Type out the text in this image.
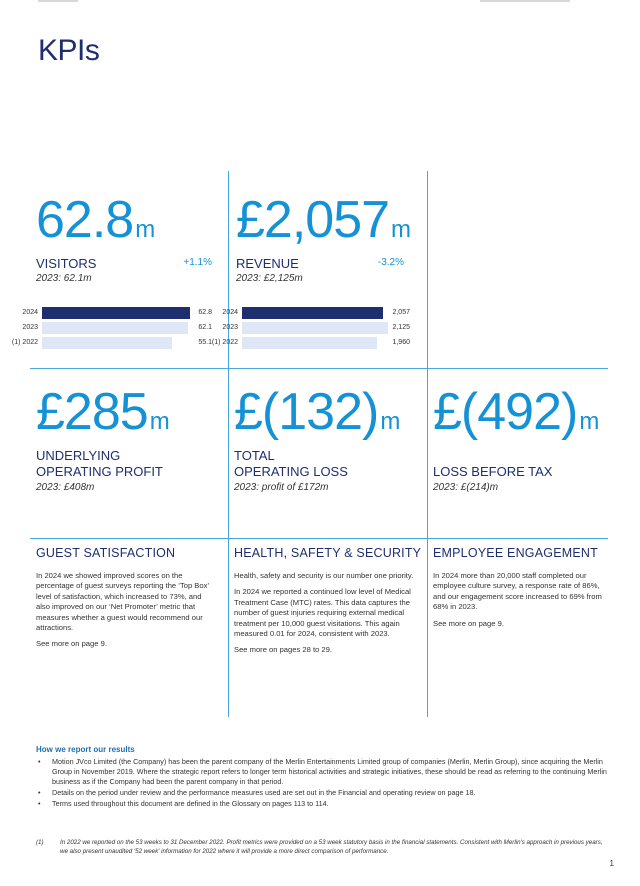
KPIs
62.8m
VISITORS	+1.1%
2023: 62.1m
2024	62.8
2023	62.1
(1) 2022	55.1
£2,057m
REVENUE	-3.2%
2023: £2,125m
2024	2,057
2023	2,125
(1) 2022	1,960
£285m
UNDERLYING
OPERATING PROFIT
2023: £408m
£(132)m
TOTAL
OPERATING LOSS
2023: profit of £172m
£(492)m
LOSS BEFORE TAX
2023: £(214)m
GUEST SATISFACTION

In 2024 we showed improved scores on the percentage of guest surveys reporting the ‘Top Box’ level of satisfaction, which increased to 73%, and also improved on our ‘Net Promoter’ metric that measures whether a guest would recommend our attractions.

See more on page 9.

HEALTH, SAFETY & SECURITY

Health, safety and security is our number one priority.

In 2024 we reported a continued low level of Medical Treatment Case (MTC) rates. This data captures the number of guest injuries requiring external medical treatment per 10,000 guest visitations. This again measured 0.01 for 2024, consistent with 2023.

See more on pages 28 to 29.

EMPLOYEE ENGAGEMENT

In 2024 more than 20,000 staff completed our employee culture survey, a response rate of 86%, and our engagement score increased to 69% from 68% in 2023.

See more on page 9.

How we report our results
• Motion JVco Limited (the Company) has been the parent company of the Merlin Entertainments Limited group of companies (Merlin, Merlin Group), since acquiring the Merlin Group in November 2019. Where the strategic report refers to longer term historical activities and strategic initiatives, these should be read as referring to the continuing Merlin business as if the Company had been the parent company in that period.
• Details on the period under review and the performance measures used are set out in the Financial and operating review on page 18.
• Terms used throughout this document are defined in the Glossary on pages 113 to 114.
(1)	In 2022 we reported on the 53 weeks to 31 December 2022. Profit metrics were provided on a 53 week statutory basis in the financial statements. Consistent with Merlin's approach in previous years, we also present unaudited '52 week' information for 2022 where it will provide a more direct comparison of performance.
1
